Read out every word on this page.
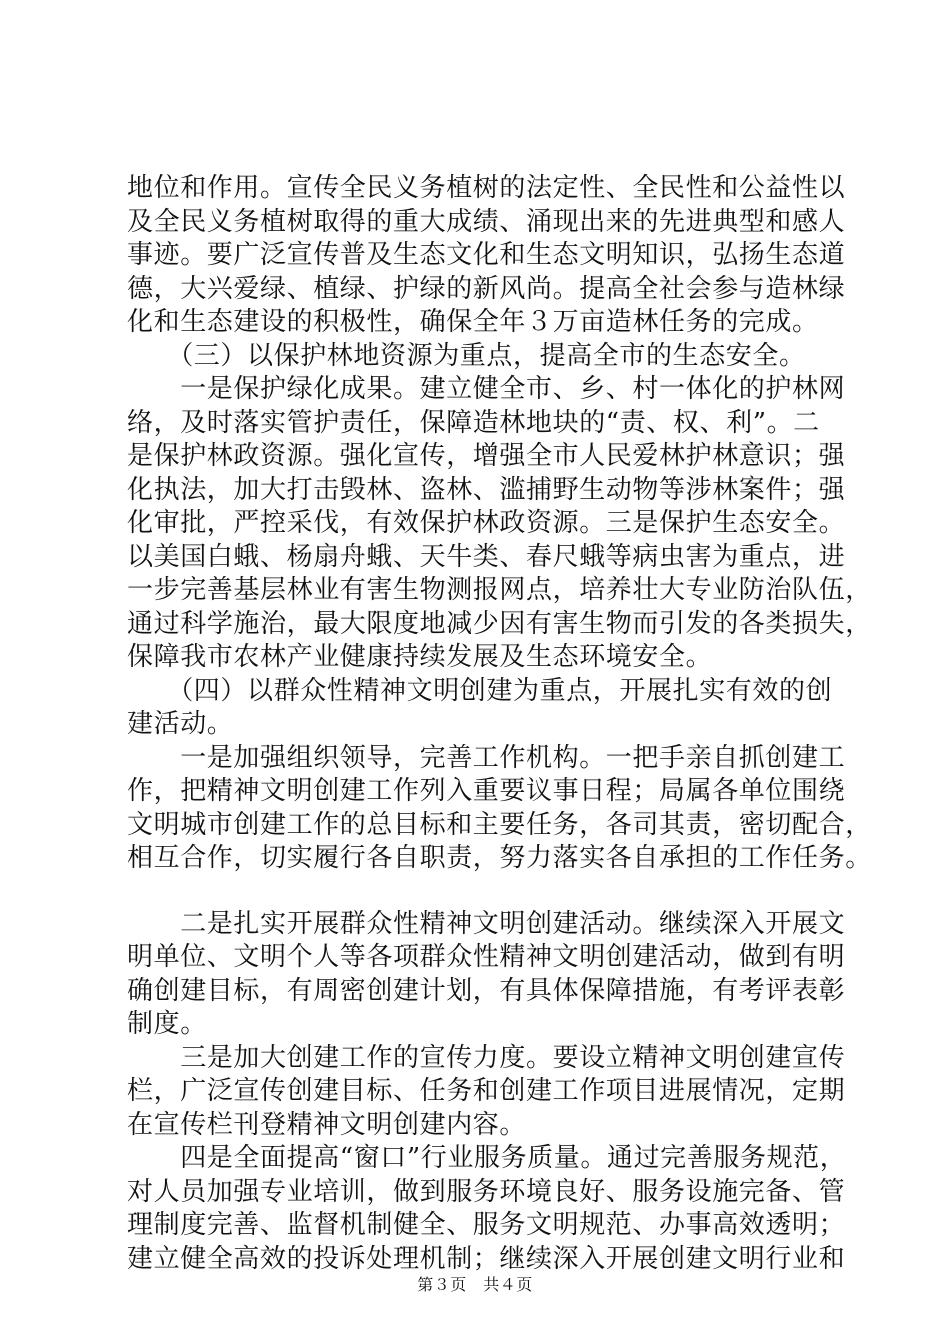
地位和作用。宣传全民义务植树的法定性、全民性和公益性以
及全民义务植树取得的重大成绩、涌现出来的先进典型和感人
事迹。要广泛宣传普及生态文化和生态文明知识，弘扬生态道
德，大兴爱绿、植绿、护绿的新风尚。提高全社会参与造林绿
化和生态建设的积极性，确保全年３万亩造林任务的完成。
　　（三）以保护林地资源为重点，提高全市的生态安全。
　　一是保护绿化成果。建立健全市、乡、村一体化的护林网
络，及时落实管护责任，保障造林地块的“责、权、利”。二
是保护林政资源。强化宣传，增强全市人民爱林护林意识；强
化执法，加大打击毁林、盗林、滥捕野生动物等涉林案件；强
化审批，严控采伐，有效保护林政资源。三是保护生态安全。
以美国白蛾、杨扇舟蛾、天牛类、春尺蛾等病虫害为重点，进
一步完善基层林业有害生物测报网点，培养壮大专业防治队伍，
通过科学施治，最大限度地减少因有害生物而引发的各类损失，
保障我市农林产业健康持续发展及生态环境安全。
　　（四）以群众性精神文明创建为重点，开展扎实有效的创
建活动。
　　一是加强组织领导，完善工作机构。一把手亲自抓创建工
作，把精神文明创建工作列入重要议事日程；局属各单位围绕
文明城市创建工作的总目标和主要任务，各司其责，密切配合，
相互合作，切实履行各自职责，努力落实各自承担的工作任务。
　　二是扎实开展群众性精神文明创建活动。继续深入开展文
明单位、文明个人等各项群众性精神文明创建活动，做到有明
确创建目标，有周密创建计划，有具体保障措施，有考评表彰
制度。
　　三是加大创建工作的宣传力度。要设立精神文明创建宣传
栏，广泛宣传创建目标、任务和创建工作项目进展情况，定期
在宣传栏刊登精神文明创建内容。
　　四是全面提高“窗口”行业服务质量。通过完善服务规范，
对人员加强专业培训，做到服务环境良好、服务设施完备、管
理制度完善、监督机制健全、服务文明规范、办事高效透明；
建立健全高效的投诉处理机制；继续深入开展创建文明行业和
第３页　共４页
